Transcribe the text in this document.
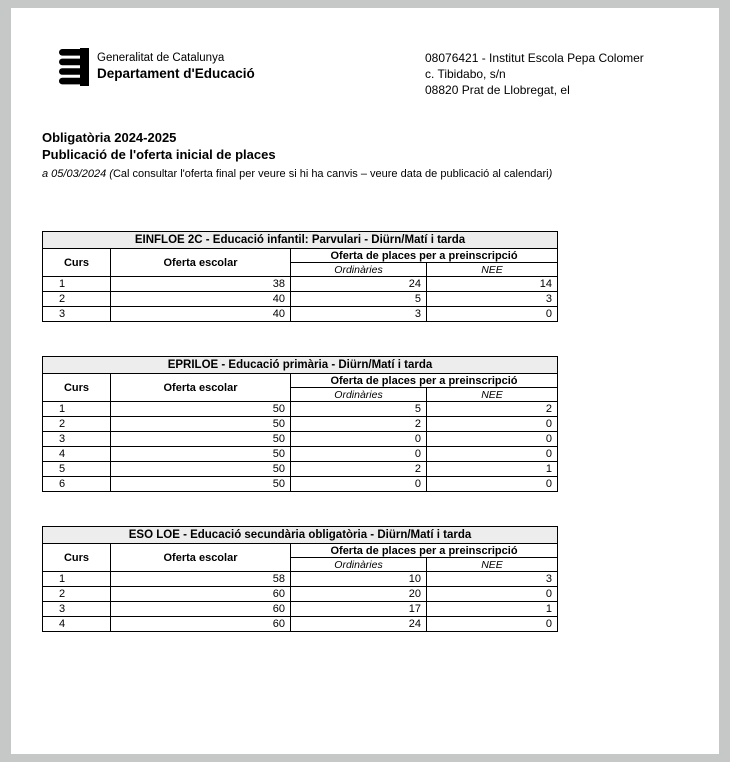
Generalitat de Catalunya
Departament d'Educació
08076421 - Institut Escola Pepa Colomer
c. Tibidabo, s/n
08820 Prat de Llobregat, el
Obligatòria 2024-2025
Publicació de l'oferta inicial de places
a 05/03/2024 (Cal consultar l'oferta final per veure si hi ha canvis – veure data de publicació al calendari)
EINFLOE 2C - Educació infantil: Parvulari - Diürn/Matí i tarda			
Curs	Oferta escolar	Oferta de places per a preinscripció	
		Ordinàries	NEE
1	38	24	14
2	40	5	3
3	40	3	0
EPRILOE - Educació primària - Diürn/Matí i tarda			
Curs	Oferta escolar	Oferta de places per a preinscripció	
		Ordinàries	NEE
1	50	5	2
2	50	2	0
3	50	0	0
4	50	0	0
5	50	2	1
6	50	0	0
ESO LOE - Educació secundària obligatòria - Diürn/Matí i tarda			
Curs	Oferta escolar	Oferta de places per a preinscripció	
		Ordinàries	NEE
1	58	10	3
2	60	20	0
3	60	17	1
4	60	24	0
